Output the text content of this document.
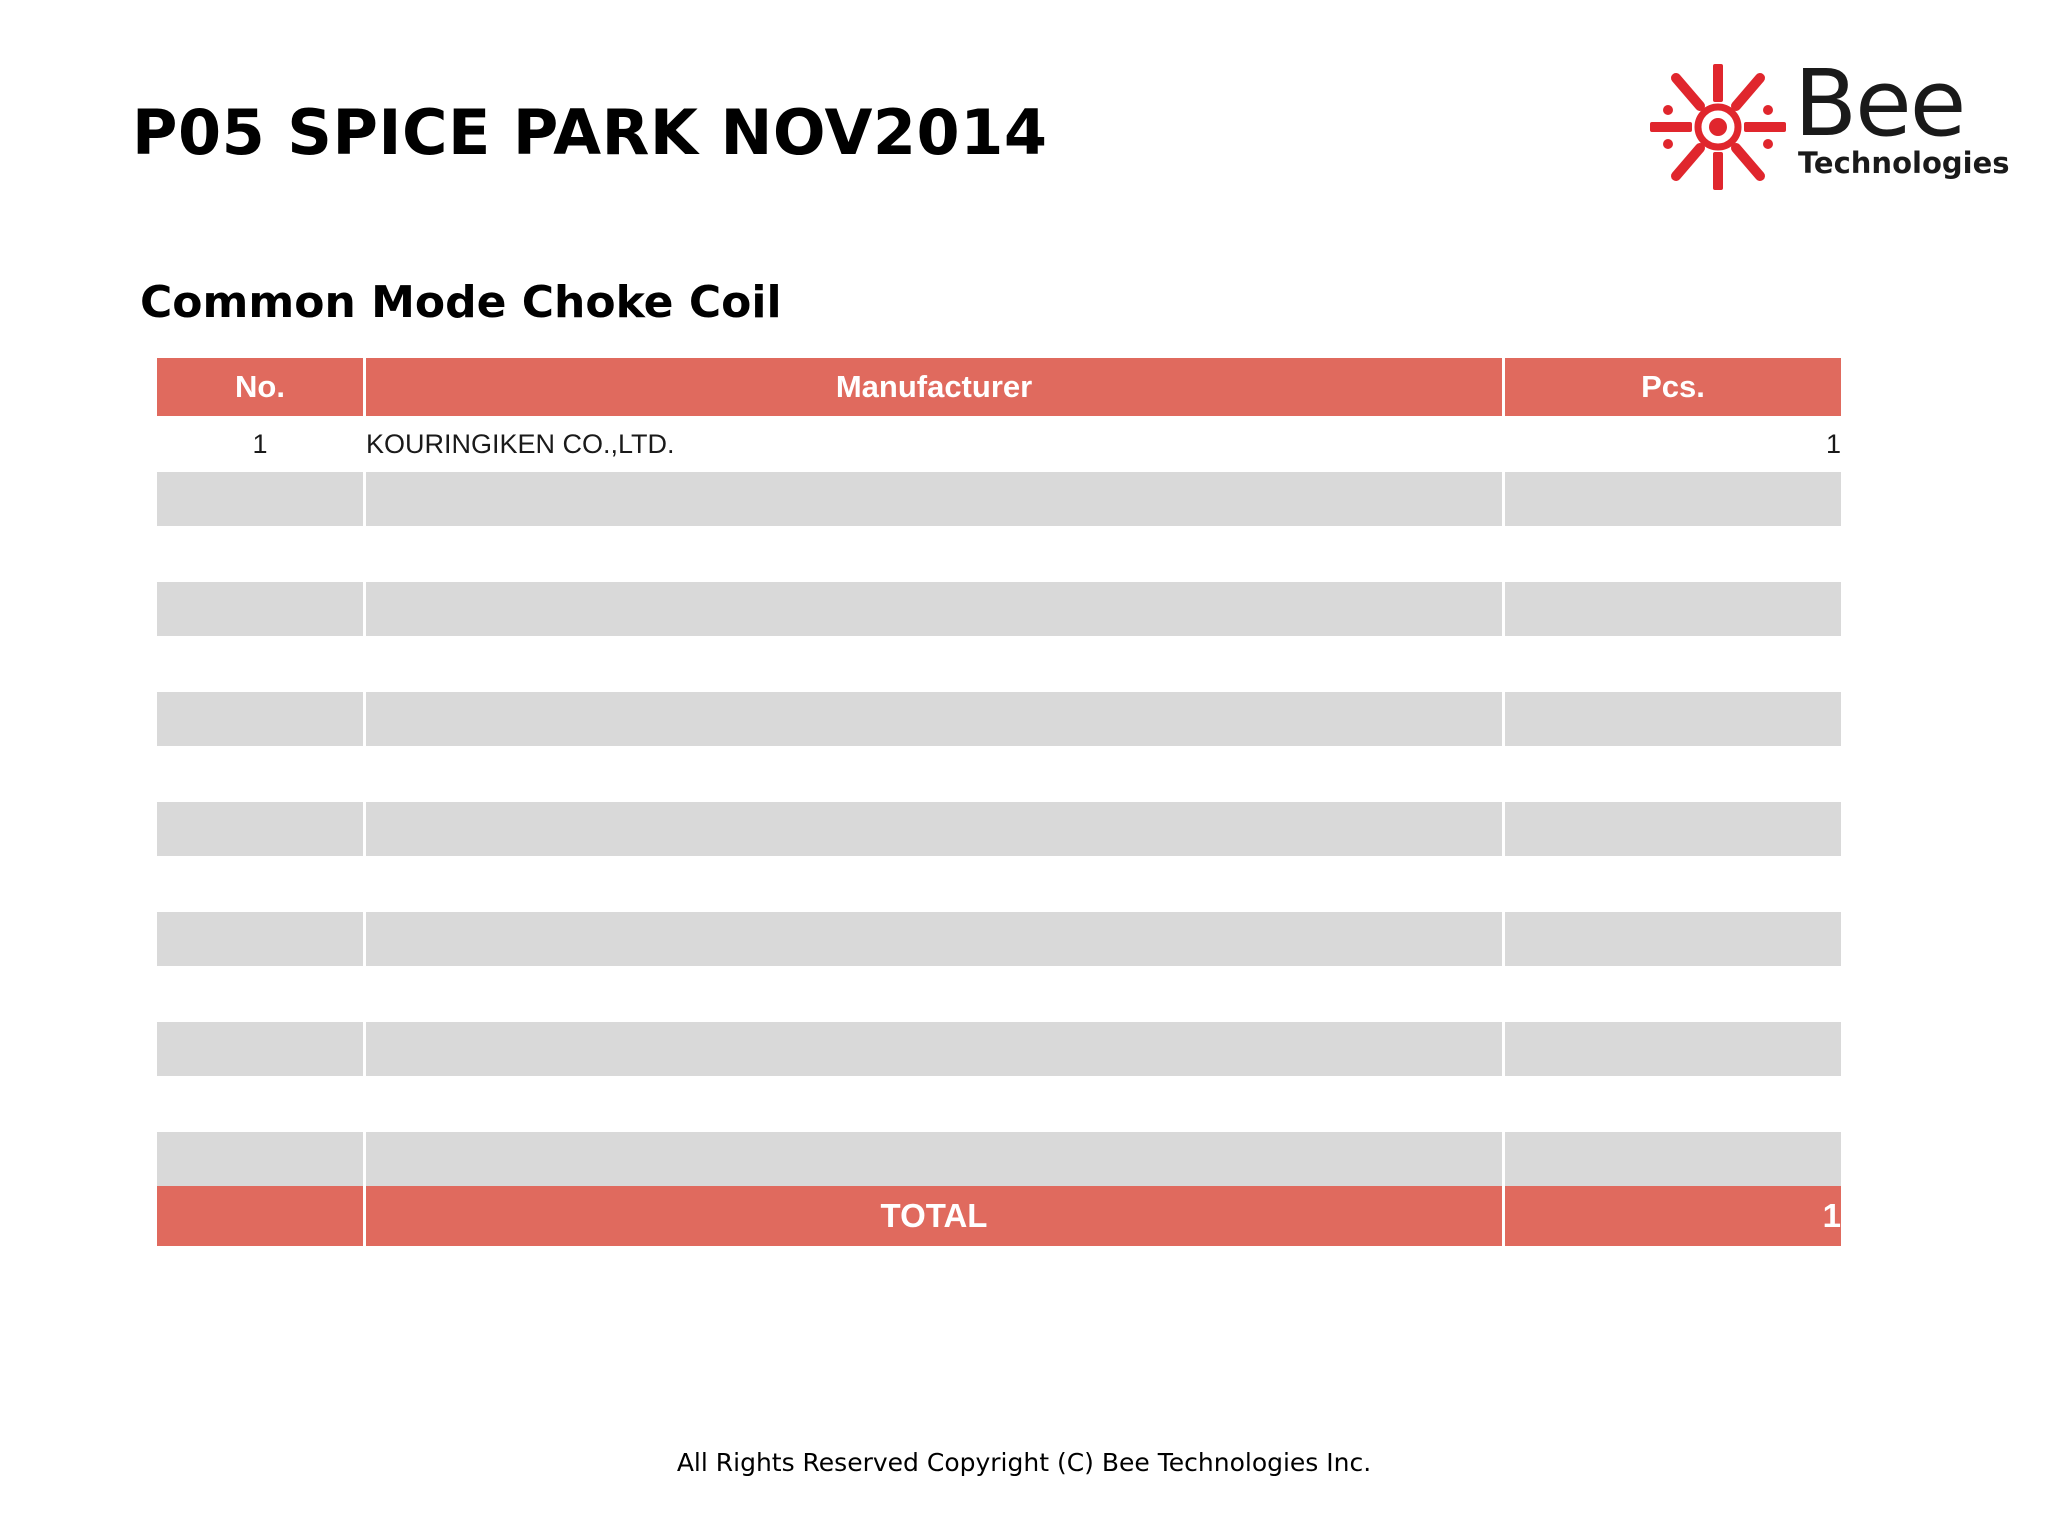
P05 SPICE PARK NOV2014	Bee
Technologies
Common Mode Choke Coil
No.	Manufacturer	Pcs.
1	KOURINGIKEN CO.,LTD.	1

	TOTAL	1
All Rights Reserved Copyright (C) Bee Technologies Inc.
